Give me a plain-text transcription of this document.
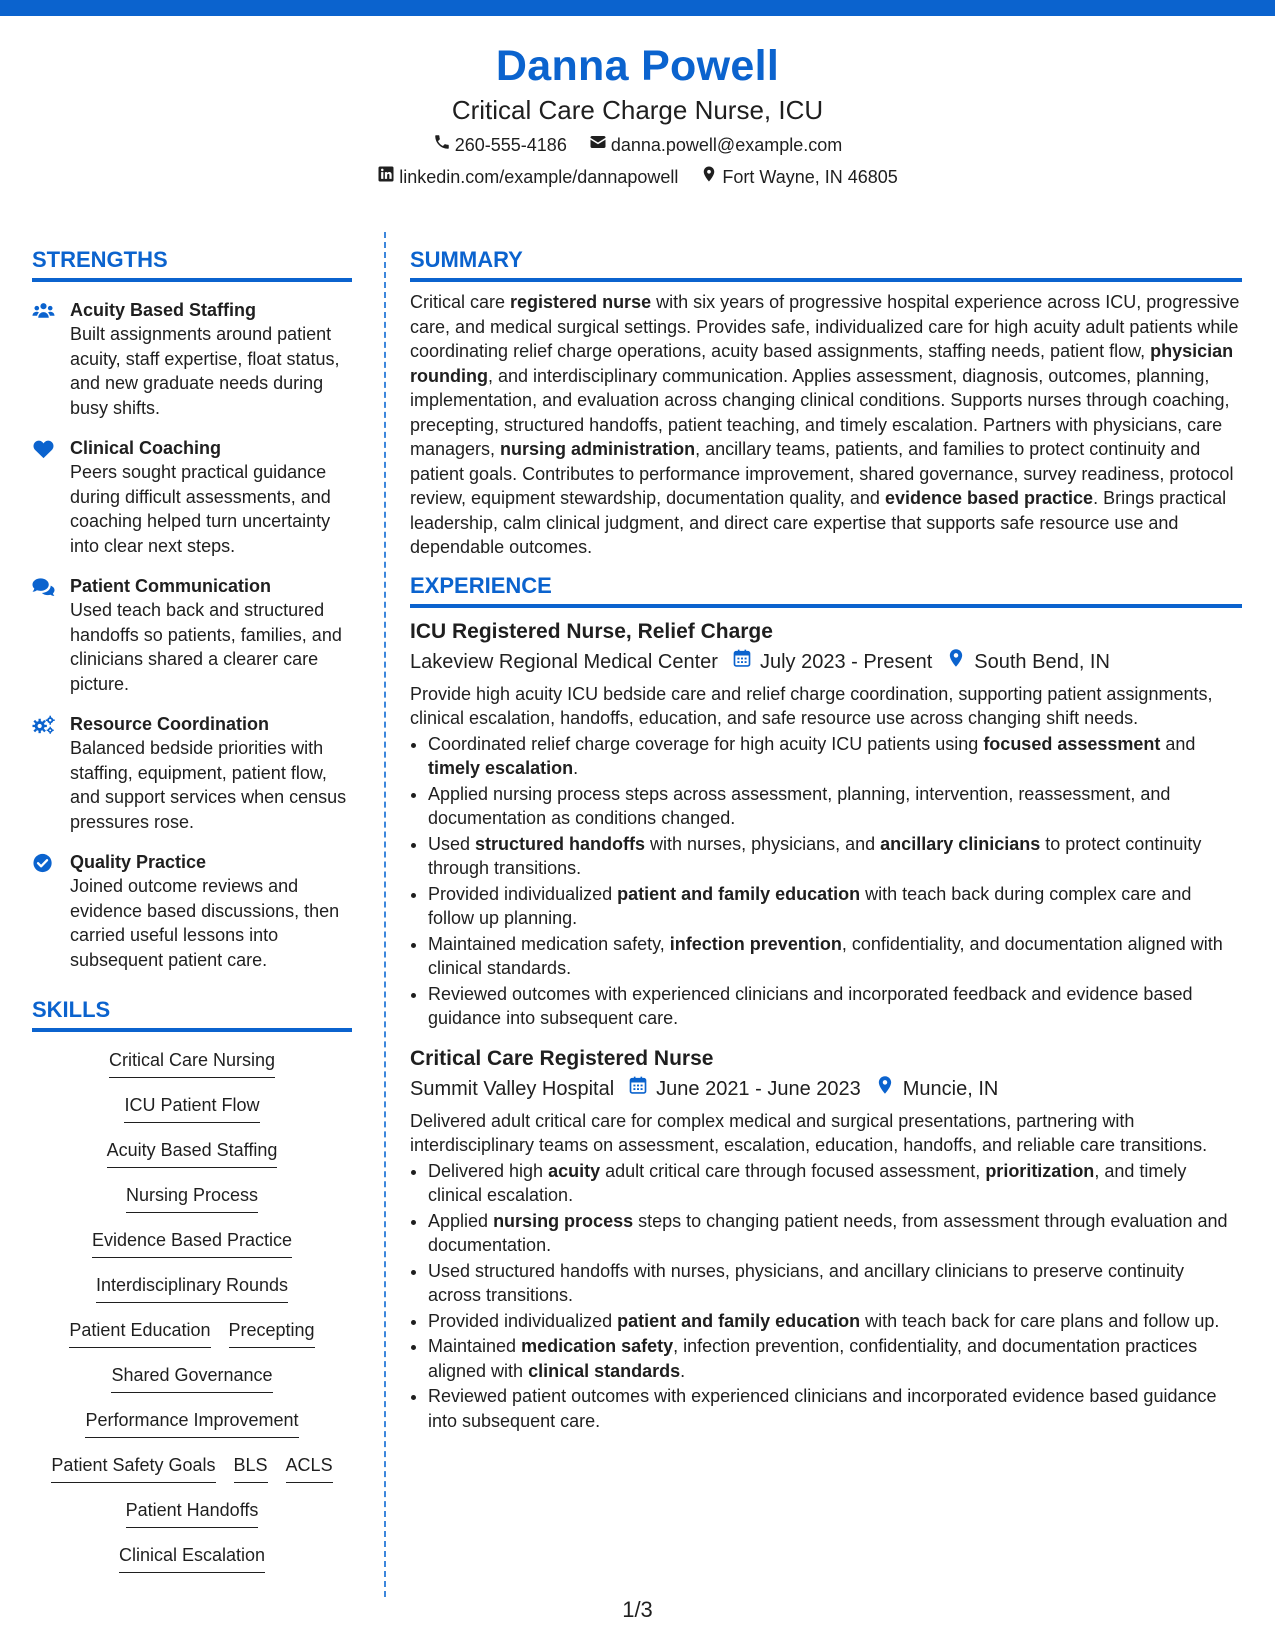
Danna Powell
Critical Care Charge Nurse, ICU
260-555-4186 danna.powell@example.com
linkedin.com/example/dannapowell Fort Wayne, IN 46805
STRENGTHS
Acuity Based Staffing
Built assignments around patient acuity, staff expertise, float status, and new graduate needs during busy shifts.
Clinical Coaching
Peers sought practical guidance during difficult assessments, and coaching helped turn uncertainty into clear next steps.
Patient Communication
Used teach back and structured handoffs so patients, families, and clinicians shared a clearer care picture.
Resource Coordination
Balanced bedside priorities with staffing, equipment, patient flow, and support services when census pressures rose.
Quality Practice
Joined outcome reviews and evidence based discussions, then carried useful lessons into subsequent patient care.
SKILLS
Critical Care Nursing
ICU Patient Flow
Acuity Based Staffing
Nursing Process
Evidence Based Practice
Interdisciplinary Rounds
Patient Education Precepting
Shared Governance
Performance Improvement
Patient Safety Goals BLS ACLS
Patient Handoffs
Clinical Escalation
SUMMARY
Critical care registered nurse with six years of progressive hospital experience across ICU, progressive care, and medical surgical settings. Provides safe, individualized care for high acuity adult patients while coordinating relief charge operations, acuity based assignments, staffing needs, patient flow, physician rounding, and interdisciplinary communication. Applies assessment, diagnosis, outcomes, planning, implementation, and evaluation across changing clinical conditions. Supports nurses through coaching, precepting, structured handoffs, patient teaching, and timely escalation. Partners with physicians, care managers, nursing administration, ancillary teams, patients, and families to protect continuity and patient goals. Contributes to performance improvement, shared governance, survey readiness, protocol review, equipment stewardship, documentation quality, and evidence based practice. Brings practical leadership, calm clinical judgment, and direct care expertise that supports safe resource use and dependable outcomes.
EXPERIENCE
ICU Registered Nurse, Relief Charge
Lakeview Regional Medical Center July 2023 - Present South Bend, IN
Provide high acuity ICU bedside care and relief charge coordination, supporting patient assignments, clinical escalation, handoffs, education, and safe resource use across changing shift needs.
• Coordinated relief charge coverage for high acuity ICU patients using focused assessment and timely escalation.
• Applied nursing process steps across assessment, planning, intervention, reassessment, and documentation as conditions changed.
• Used structured handoffs with nurses, physicians, and ancillary clinicians to protect continuity through transitions.
• Provided individualized patient and family education with teach back during complex care and follow up planning.
• Maintained medication safety, infection prevention, confidentiality, and documentation aligned with clinical standards.
• Reviewed outcomes with experienced clinicians and incorporated feedback and evidence based guidance into subsequent care.
Critical Care Registered Nurse
Summit Valley Hospital June 2021 - June 2023 Muncie, IN
Delivered adult critical care for complex medical and surgical presentations, partnering with interdisciplinary teams on assessment, escalation, education, handoffs, and reliable care transitions.
• Delivered high acuity adult critical care through focused assessment, prioritization, and timely clinical escalation.
• Applied nursing process steps to changing patient needs, from assessment through evaluation and documentation.
• Used structured handoffs with nurses, physicians, and ancillary clinicians to preserve continuity across transitions.
• Provided individualized patient and family education with teach back for care plans and follow up.
• Maintained medication safety, infection prevention, confidentiality, and documentation practices aligned with clinical standards.
• Reviewed patient outcomes with experienced clinicians and incorporated evidence based guidance into subsequent care.
1/3
